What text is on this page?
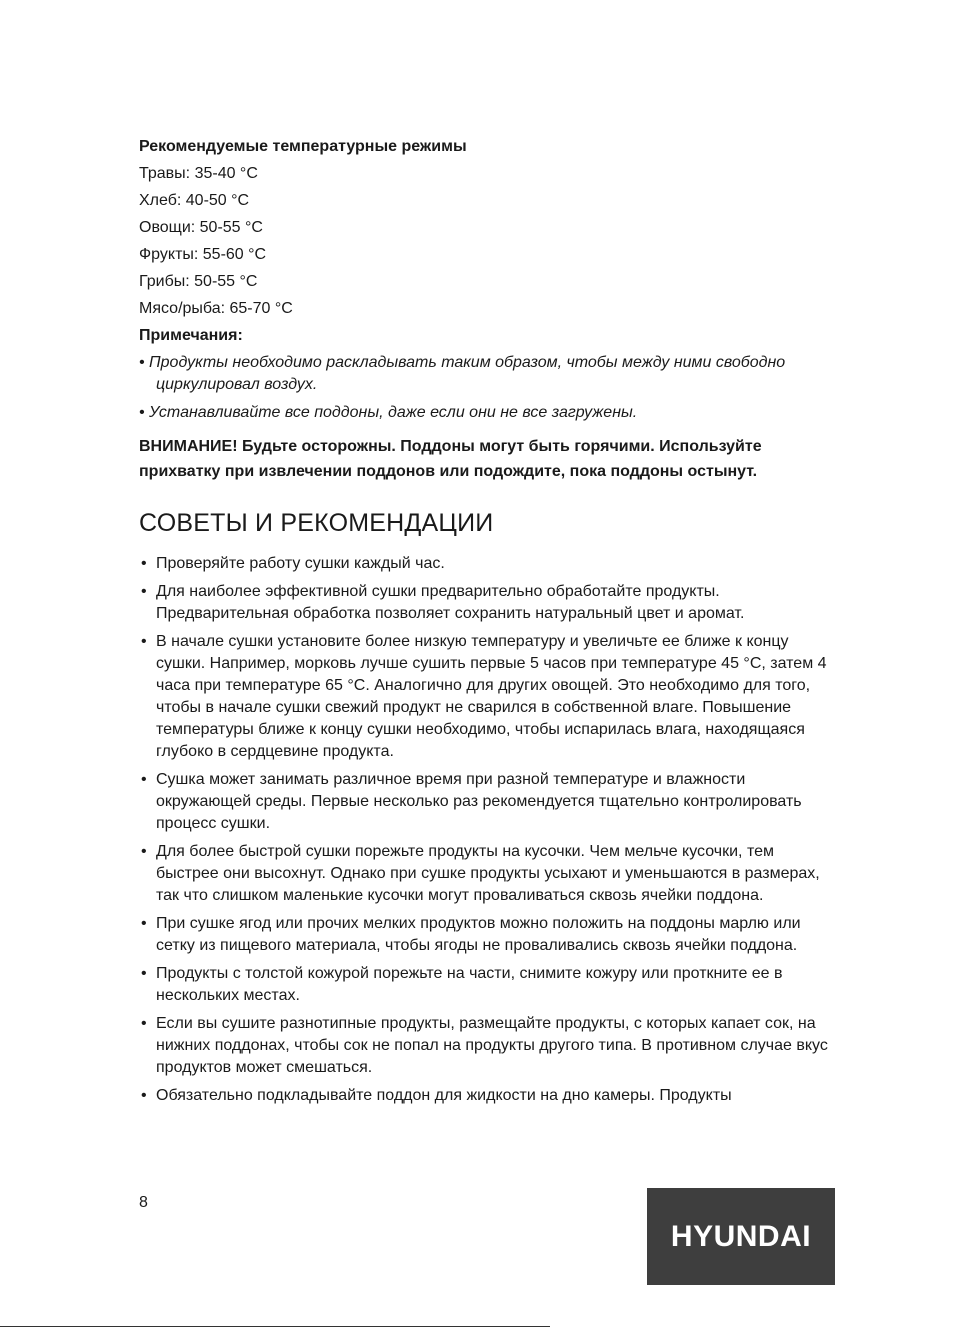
Рекомендуемые температурные режимы
Травы: 35-40 °С
Хлеб: 40-50 °С
Овощи: 50-55 °С
Фрукты: 55-60 °С
Грибы: 50-55 °С
Мясо/рыба: 65-70 °С
Примечания:
• Продукты необходимо раскладывать таким образом, чтобы между ними свободно циркулировал воздух.
• Устанавливайте все поддоны, даже если они не все загружены.
ВНИМАНИЕ! Будьте осторожны. Поддоны могут быть горячими. Используйте прихватку при извлечении поддонов или подождите, пока поддоны остынут.
СОВЕТЫ И РЕКОМЕНДАЦИИ
• Проверяйте работу сушки каждый час.
• Для наиболее эффективной сушки предварительно обработайте продукты. Предварительная обработка позволяет сохранить натуральный цвет и аромат.
• В начале сушки установите более низкую температуру и увеличьте ее ближе к концу сушки. Например, морковь лучше сушить первые 5 часов при температуре 45 °С, затем 4 часа при температуре 65 °С. Аналогично для других овощей. Это необходимо для того, чтобы в начале сушки свежий продукт не сварился в собственной влаге. Повышение температуры ближе к концу сушки необходимо, чтобы испарилась влага, находящаяся глубоко в сердцевине продукта.
• Сушка может занимать различное время при разной температуре и влажности окружающей среды. Первые несколько раз рекомендуется тщательно контролировать процесс сушки.
• Для более быстрой сушки порежьте продукты на кусочки. Чем мельче кусочки, тем быстрее они высохнут. Однако при сушке продукты усыхают и уменьшаются в размерах, так что слишком маленькие кусочки могут проваливаться сквозь ячейки поддона.
• При сушке ягод или прочих мелких продуктов можно положить на поддоны марлю или сетку из пищевого материала, чтобы ягоды не проваливались сквозь ячейки поддона.
• Продукты с толстой кожурой порежьте на части, снимите кожуру или проткните ее в нескольких местах.
• Если вы сушите разнотипные продукты, размещайте продукты, с которых капает сок, на нижних поддонах, чтобы сок не попал на продукты другого типа. В противном случае вкус продуктов может смешаться.
• Обязательно подкладывайте поддон для жидкости на дно камеры. Продукты
8
HYUNDAI
